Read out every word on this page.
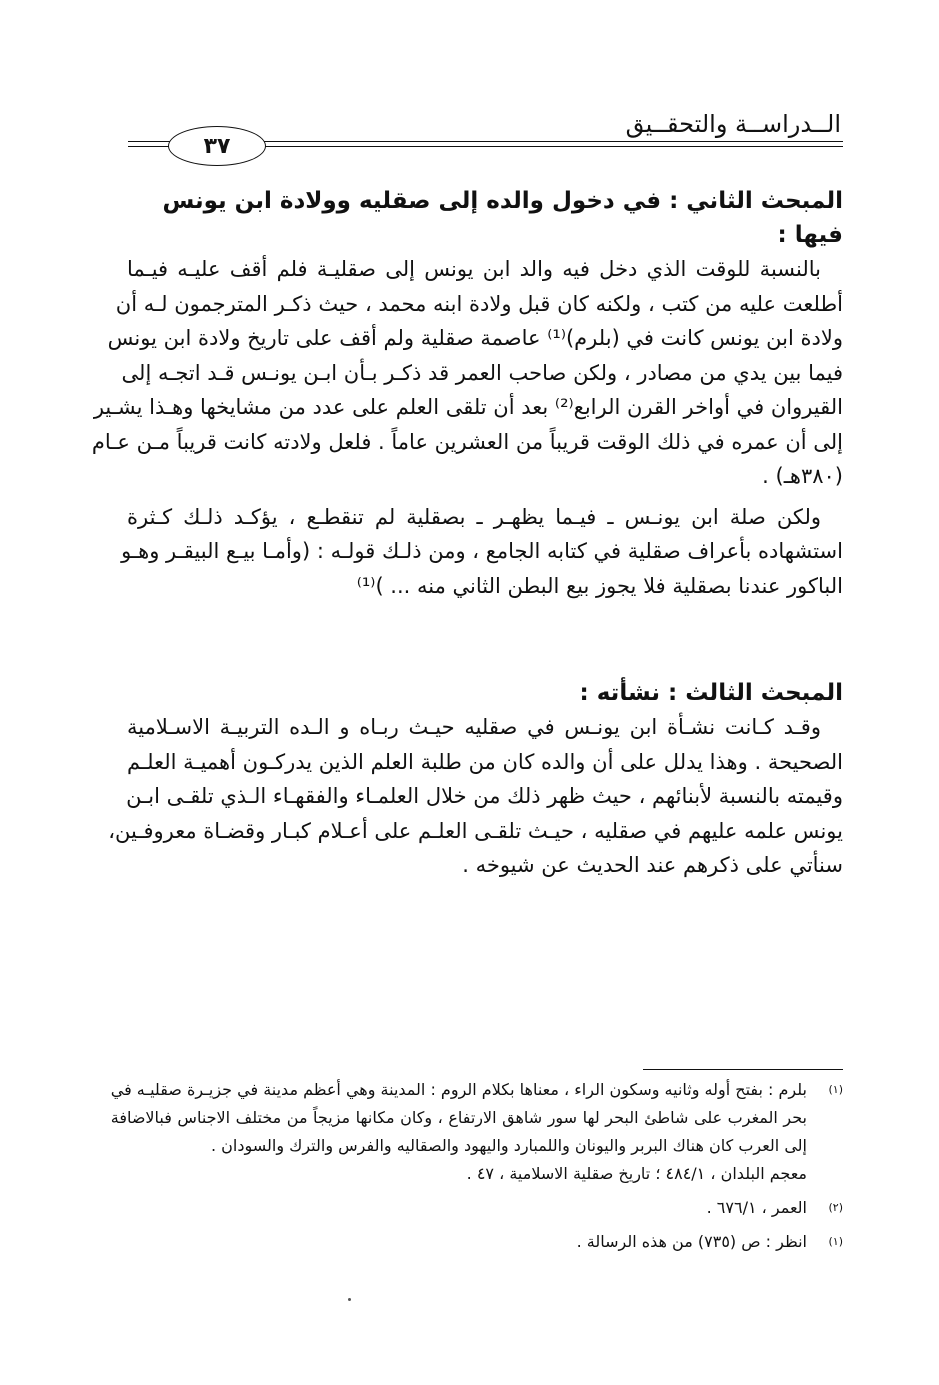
الــدراســة والتحقــيق
٣٧
المبحث الثاني : في دخول والده إلى صقليه وولادة ابن يونس فيها :
بالنسبة للوقت الذي دخل فيه والد ابن يونس إلى صقليـة فلم أقف عليـه فيـما
أطلعت عليه من كتب ، ولكنه كان قبل ولادة ابنه محمد ، حيث ذكـر المترجمون لـه أن
ولادة ابن يونس كانت في (بلرم)⁽¹⁾ عاصمة صقلية ولم أقف على تاريخ ولادة ابن يونس
فيما بين يدي من مصادر ، ولكن صاحب العمر قد ذكـر بـأن ابـن يونـس قـد اتجـه إلى
القيروان في أواخر القرن الرابع⁽²⁾ بعد أن تلقى العلم على عدد من مشايخها وهـذا يشـير
إلى أن عمره في ذلك الوقت قريباً من العشرين عاماً . فلعل ولادته كانت قريباً مـن عـام
(٣٨٠هـ) .
ولكن صلة ابن يونـس ـ فيـما يظهـر ـ بصقلية لم تنقطـع ، يؤكـد ذلـك كـثرة
استشهاده بأعراف صقلية في كتابه الجامع ، ومن ذلـك قولـه : (وأمـا بيـع البيقـر وهـو
الباكور عندنا بصقلية فلا يجوز بيع البطن الثاني منه ... )⁽¹⁾
المبحث الثالث : نشأته :
وقـد كـانت نشـأة ابن يونـس في صقليه حيـث ربـاه و الـده التربيـة الاسـلامية
الصحيحة . وهذا يدلل على أن والده كان من طلبة العلم الذين يدركـون أهميـة العلـم
وقيمته بالنسبة لأبنائهم ، حيث ظهر ذلك من خلال العلمـاء والفقهـاء الـذي تلقـى ابـن
يونس علمه عليهم في صقليه ، حيـث تلقـى العلـم على أعـلام كبـار وقضـاة معروفـين،
سنأتي على ذكرهم عند الحديث عن شيوخه .
(١)
بلرم : بفتح أوله وثانيه وسكون الراء ، معناها بكلام الروم : المدينة وهي أعظم مدينة في جزيـرة صقليـه في
بحر المغرب على شاطئ البحر لها سور شاهق الارتفاع ، وكان مكانها مزيجاً من مختلف الاجناس فبالاضافة
إلى العرب كان هناك البربر واليونان واللمبارد واليهود والصقاليه والفرس والترك والسودان .
معجم البلدان ، ٤٨٤/١ ؛ تاريخ صقلية الاسلامية ، ٤٧ .
(٢)
العمر ، ٦٧٦/١ .
(١)
انظر : ص (٧٣٥) من هذه الرسالة .
